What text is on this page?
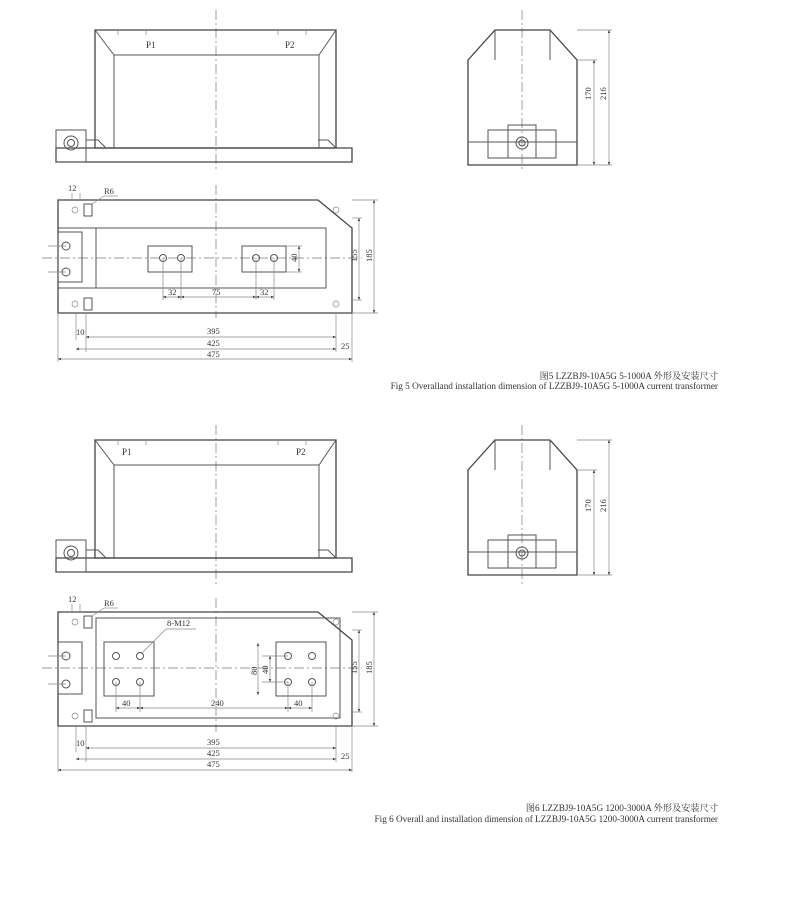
P1	P2
170 216
12	R6
40
32	75	32
155 185
10	395
425	25
475
P1	P2
170 216
12	R6
8-M12
40
80
40	240	40
155 185
10	395
425	25
475
图5 LZZBJ9-10A5G 5-1000A 外形及安装尺寸
Fig 5 Overalland installation dimension of LZZBJ9-10A5G 5-1000A current transformer
图6 LZZBJ9-10A5G 1200-3000A 外形及安装尺寸
Fig 6 Overall and installation dimension of LZZBJ9-10A5G 1200-3000A current transformer
